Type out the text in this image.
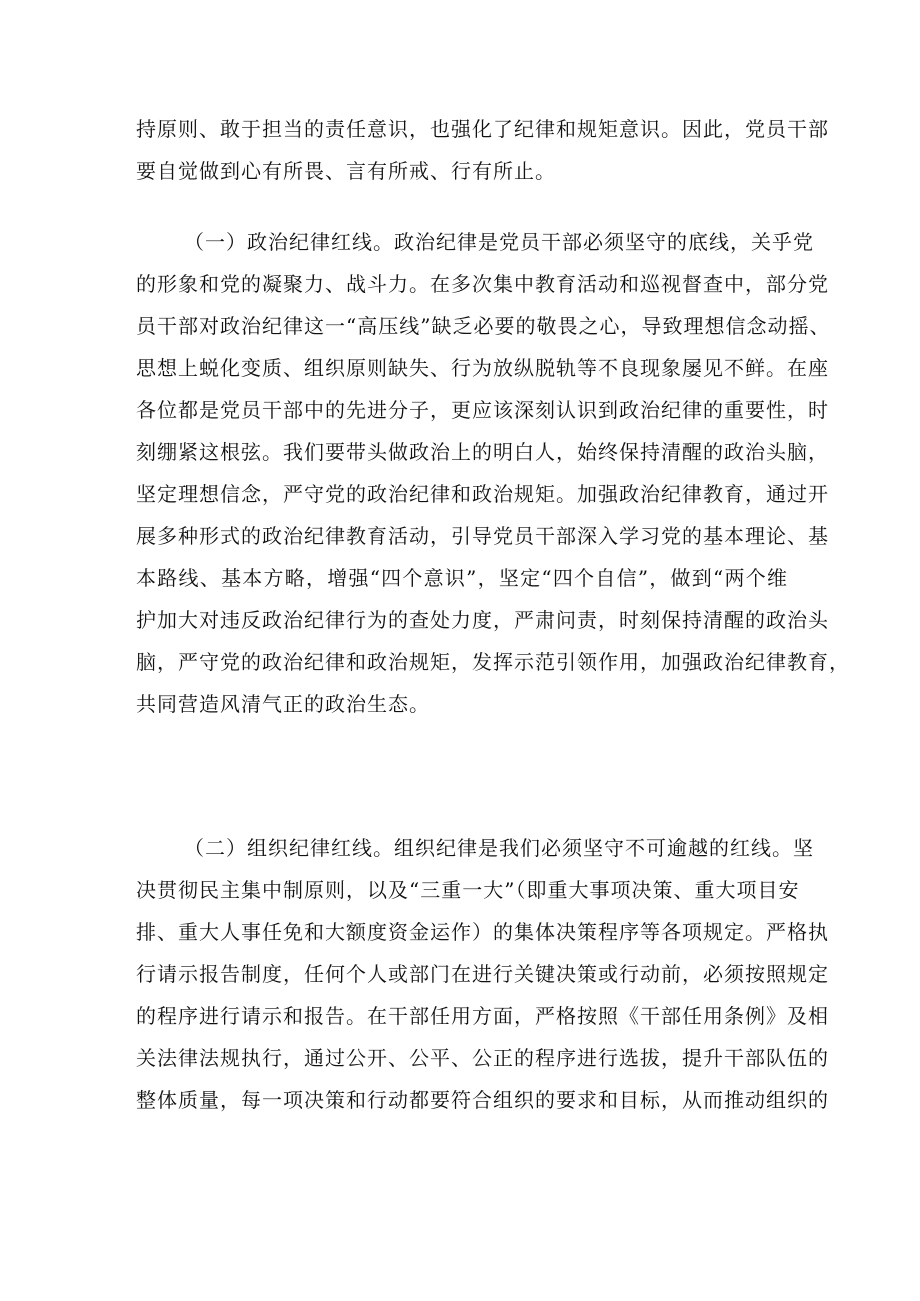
持原则、敢于担当的责任意识，也强化了纪律和规矩意识。因此，党员干部
要自觉做到心有所畏、言有所戒、行有所止。
（一）政治纪律红线。政治纪律是党员干部必须坚守的底线，关乎党
的形象和党的凝聚力、战斗力。在多次集中教育活动和巡视督查中，部分党
员干部对政治纪律这一“高压线”缺乏必要的敬畏之心，导致理想信念动摇、
思想上蜕化变质、组织原则缺失、行为放纵脱轨等不良现象屡见不鲜。在座
各位都是党员干部中的先进分子，更应该深刻认识到政治纪律的重要性，时
刻绷紧这根弦。我们要带头做政治上的明白人，始终保持清醒的政治头脑，
坚定理想信念，严守党的政治纪律和政治规矩。加强政治纪律教育，通过开
展多种形式的政治纪律教育活动，引导党员干部深入学习党的基本理论、基
本路线、基本方略，增强“四个意识”，坚定“四个自信”，做到“两个维
护加大对违反政治纪律行为的查处力度，严肃问责，时刻保持清醒的政治头
脑，严守党的政治纪律和政治规矩，发挥示范引领作用，加强政治纪律教育，
共同营造风清气正的政治生态。
（二）组织纪律红线。组织纪律是我们必须坚守不可逾越的红线。坚
决贯彻民主集中制原则，以及“三重一大”（即重大事项决策、重大项目安
排、重大人事任免和大额度资金运作）的集体决策程序等各项规定。严格执
行请示报告制度，任何个人或部门在进行关键决策或行动前，必须按照规定
的程序进行请示和报告。在干部任用方面，严格按照《干部任用条例》及相
关法律法规执行，通过公开、公平、公正的程序进行选拔，提升干部队伍的
整体质量，每一项决策和行动都要符合组织的要求和目标，从而推动组织的
